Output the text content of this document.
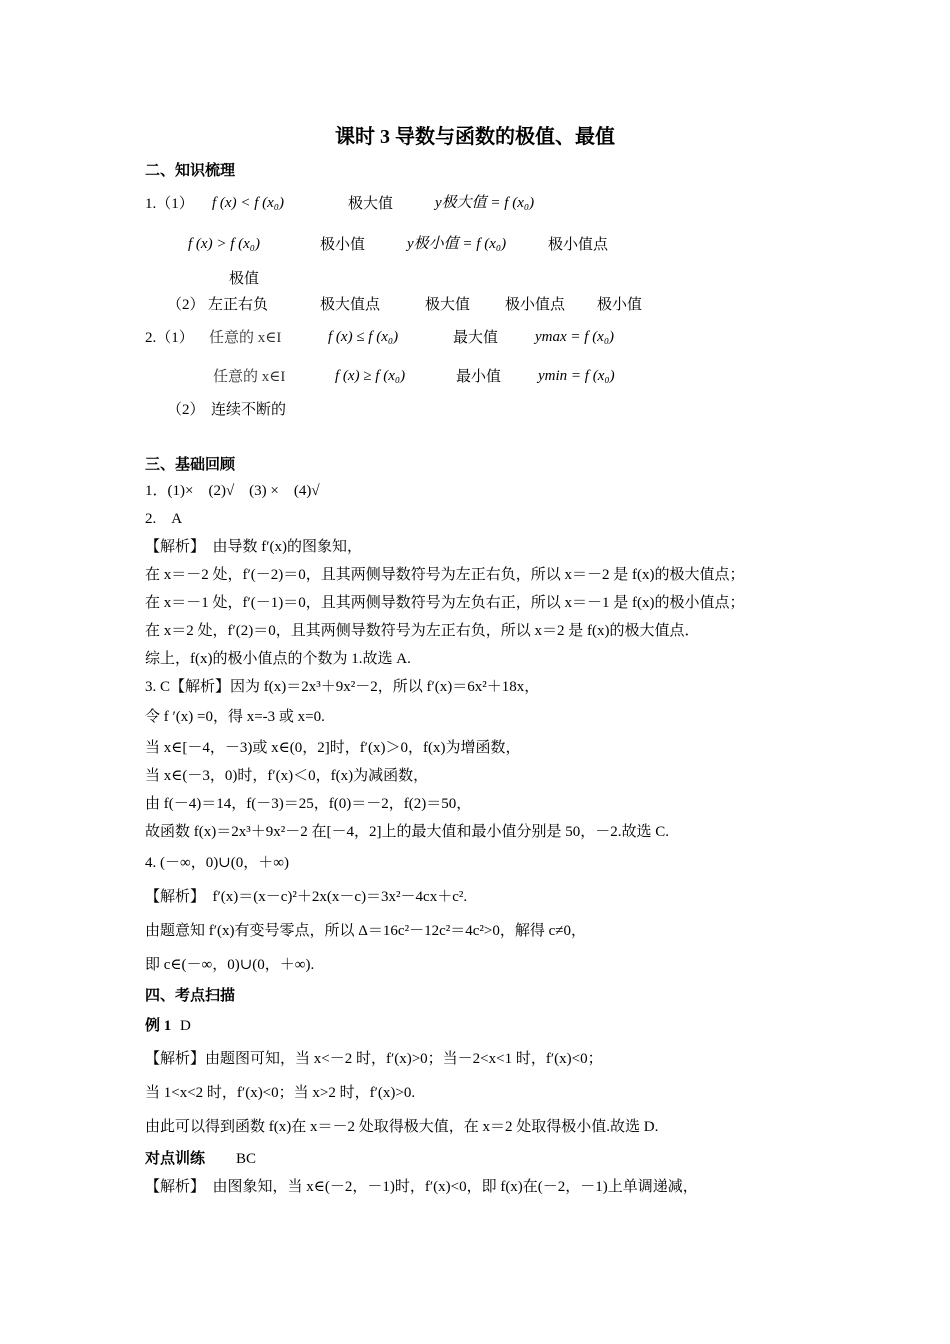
课时 3 导数与函数的极值、最值
二、知识梳理
1.（1） f (x) < f (x₀)	极大值	y极大值 = f (x₀)
f (x) > f (x₀)	极小值	y极小值 = f (x₀)	极小值点
极值
（2） 左正右负	极大值点	极大值 极小值点 极小值
2.（1） 任意的 x∈I	f (x) ≤ f (x₀)	最大值 ymax = f (x₀)
任意的 x∈I	f (x) ≥ f (x₀)	最小值 ymin = f (x₀)
（2） 连续不断的
三、基础回顾
1．(1)×　(2)√　(3) ×　(4)√
2.　A
【解析】　由导数 f′(x)的图象知，
在 x＝－2 处，f′(－2)＝0，且其两侧导数符号为左正右负，所以 x＝－2 是 f(x)的极大值点；
在 x＝－1 处，f′(－1)＝0，且其两侧导数符号为左负右正，所以 x＝－1 是 f(x)的极小值点；
在 x＝2 处，f′(2)＝0，且其两侧导数符号为左正右负，所以 x＝2 是 f(x)的极大值点．
综上，f(x)的极小值点的个数为 1.故选 A.
3. C【解析】因为 f(x)＝2x³＋9x²－2，所以 f′(x)＝6x²＋18x，
令 f ′(x) =0，得 x=-3 或 x=0.
当 x∈[－4，－3)或 x∈(0，2]时，f′(x)＞0，f(x)为增函数，
当 x∈(－3，0)时，f′(x)＜0，f(x)为减函数，
由 f(－4)＝14，f(－3)＝25，f(0)＝－2，f(2)＝50，
故函数 f(x)＝2x³＋9x²－2 在[－4，2]上的最大值和最小值分别是 50，－2.故选 C.
4. (－∞，0)∪(0，＋∞)
【解析】　f′(x)＝(x－c)²＋2x(x－c)＝3x²－4cx＋c².
由题意知 f′(x)有变号零点，所以 Δ＝16c²－12c²＝4c²>0，解得 c≠0，
即 c∈(－∞，0)∪(0，＋∞).
四、考点扫描
例 1 D
【解析】由题图可知，当 x<－2 时，f′(x)>0；当－2<x<1 时，f′(x)<0；
当 1<x<2 时，f′(x)<0；当 x>2 时，f′(x)>0.
由此可以得到函数 f(x)在 x＝－2 处取得极大值，在 x＝2 处取得极小值.故选 D.
对点训练 BC
【解析】　由图象知，当 x∈(－2，－1)时，f′(x)<0，即 f(x)在(－2，－1)上单调递减，
